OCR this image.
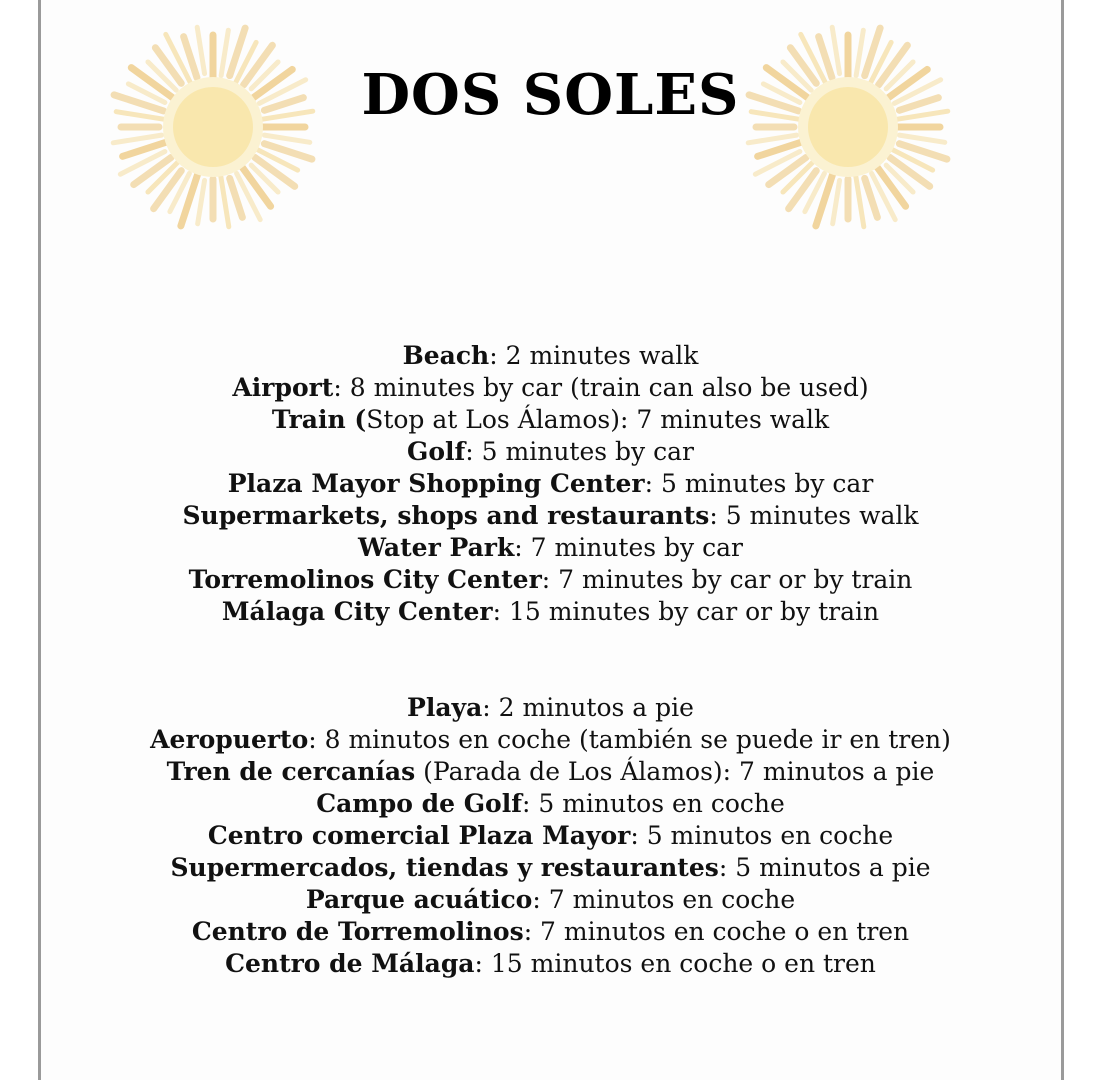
DOS SOLES
Beach: 2 minutes walk
Airport: 8 minutes by car (train can also be used)
Train (Stop at Los Álamos): 7 minutes walk
Golf: 5 minutes by car
Plaza Mayor Shopping Center: 5 minutes by car
Supermarkets, shops and restaurants: 5 minutes walk
Water Park: 7 minutes by car
Torremolinos City Center: 7 minutes by car or by train
Málaga City Center: 15 minutes by car or by train
Playa: 2 minutos a pie
Aeropuerto: 8 minutos en coche (también se puede ir en tren)
Tren de cercanías (Parada de Los Álamos): 7 minutos a pie
Campo de Golf: 5 minutos en coche
Centro comercial Plaza Mayor: 5 minutos en coche
Supermercados, tiendas y restaurantes: 5 minutos a pie
Parque acuático: 7 minutos en coche
Centro de Torremolinos: 7 minutos en coche o en tren
Centro de Málaga: 15 minutos en coche o en tren
